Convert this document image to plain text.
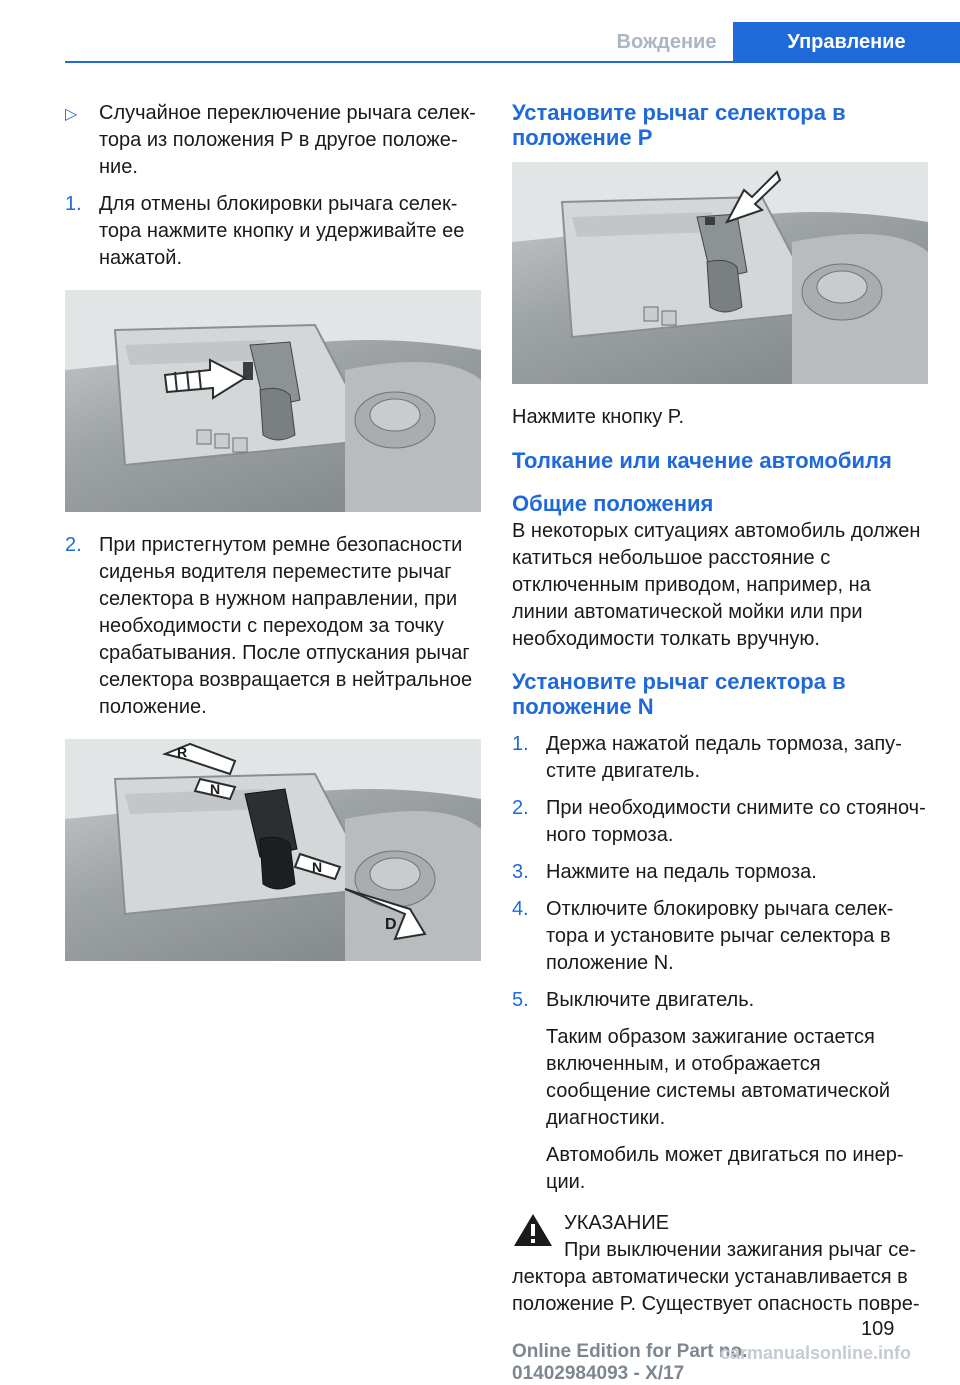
Вождение	Управление
▷ Случайное переключение рычага селектора из положения P в другое положение.
1. Для отмены блокировки рычага селектора нажмите кнопку и удерживайте ее нажатой.
2. При пристегнутом ремне безопасности сиденья водителя переместите рычаг селектора в нужном направлении, при необходимости с переходом за точку срабатывания. После отпускания рычаг селектора возвращается в нейтральное положение.
R
N
N
D
Установите рычаг селектора в положение P
Нажмите кнопку P.
Толкание или качение автомобиля
Общие положения
В некоторых ситуациях автомобиль должен катиться небольшое расстояние с отключенным приводом, например, на линии автоматической мойки или при необходимости толкать вручную.
Установите рычаг селектора в положение N
1. Держа нажатой педаль тормоза, запустите двигатель.
2. При необходимости снимите со стояночного тормоза.
3. Нажмите на педаль тормоза.
4. Отключите блокировку рычага селектора и установите рычаг селектора в положение N.
5. Выключите двигатель.
Таким образом зажигание остается включенным, и отображается сообщение системы автоматической диагностики.
Автомобиль может двигаться по инерции.
УКАЗАНИЕ
При выключении зажигания рычаг селектора автоматически устанавливается в положение P. Существует опасность повре-
109
Online Edition for Part no. 01402984093 - X/17
carmanualsonline.info
